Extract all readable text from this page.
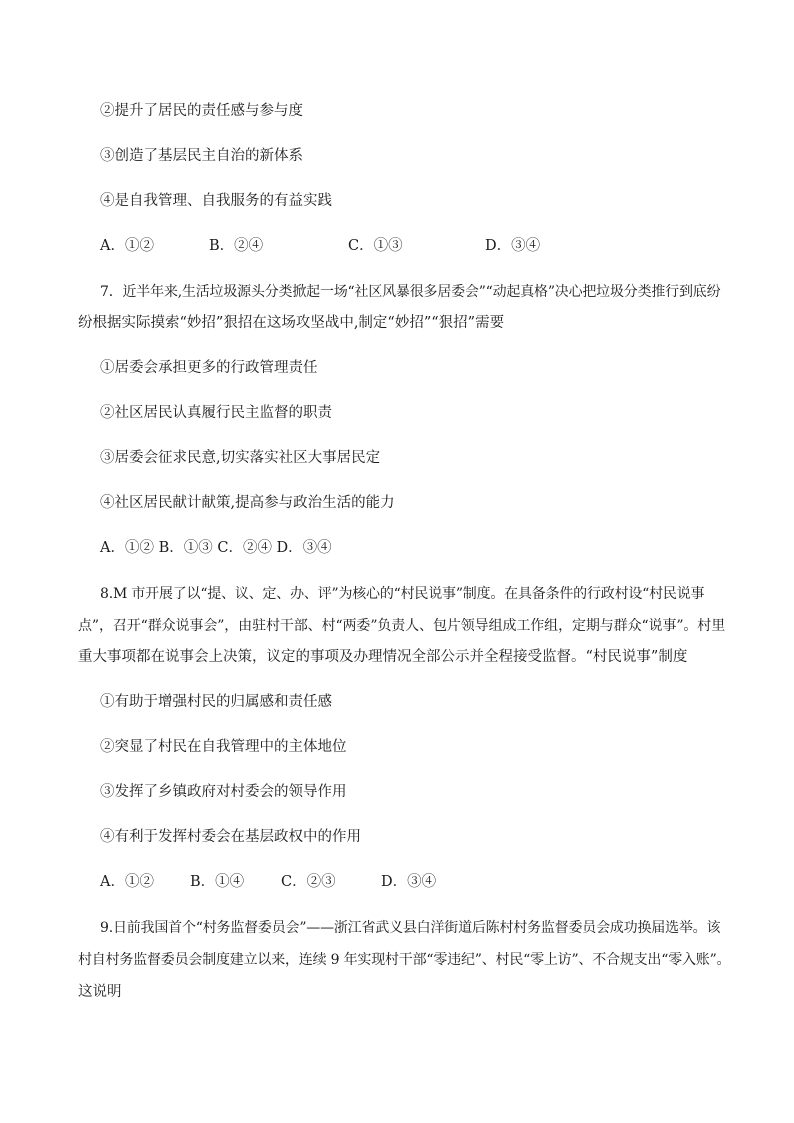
②提升了居民的责任感与参与度
③创造了基层民主自治的新体系
④是自我管理、自我服务的有益实践
A．①②	B．②④	C．①③	D．③④
7．近半年来,生活垃圾源头分类掀起一场“社区风暴很多居委会”“动起真格”决心把垃圾分类推行到底纷
纷根据实际摸索“妙招”狠招在这场攻坚战中,制定“妙招”“狠招”需要
①居委会承担更多的行政管理责任
②社区居民认真履行民主监督的职责
③居委会征求民意,切实落实社区大事居民定
④社区居民献计献策,提高参与政治生活的能力
A．①② B．①③ C．②④ D．③④
8.M 市开展了以“提、议、定、办、评”为核心的“村民说事”制度。在具备条件的行政村设“村民说事
点”，召开“群众说事会”，由驻村干部、村“两委”负责人、包片领导组成工作组，定期与群众“说事”。村里
重大事项都在说事会上决策，议定的事项及办理情况全部公示并全程接受监督。“村民说事”制度
①有助于增强村民的归属感和责任感
②突显了村民在自我管理中的主体地位
③发挥了乡镇政府对村委会的领导作用
④有利于发挥村委会在基层政权中的作用
A．①② B．①④	C．②③	D．③④
9.日前我国首个“村务监督委员会”——浙江省武义县白洋街道后陈村村务监督委员会成功换届选举。该
村自村务监督委员会制度建立以来，连续 9 年实现村干部“零违纪”、村民“零上访”、不合规支出“零入账”。
这说明
